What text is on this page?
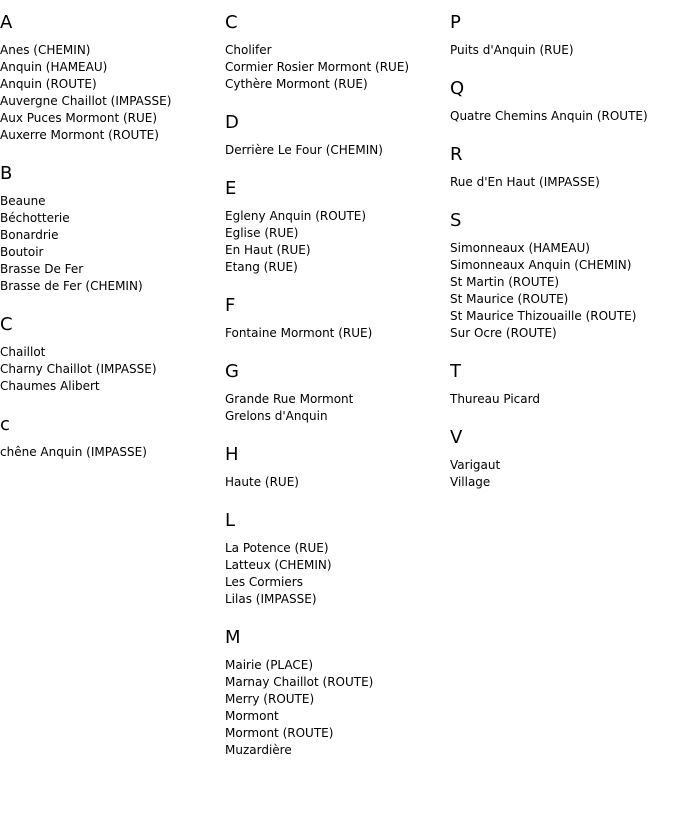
A
Anes (CHEMIN)
Anquin (HAMEAU)
Anquin (ROUTE)
Auvergne Chaillot (IMPASSE)
Aux Puces Mormont (RUE)
Auxerre Mormont (ROUTE)
B
Beaune
Béchotterie
Bonardrie
Boutoir
Brasse De Fer
Brasse de Fer (CHEMIN)
C
Chaillot
Charny Chaillot (IMPASSE)
Chaumes Alibert
c
chêne Anquin (IMPASSE)
C
Cholifer
Cormier Rosier Mormont (RUE)
Cythère Mormont (RUE)
D
Derrière Le Four (CHEMIN)
E
Egleny Anquin (ROUTE)
Eglise (RUE)
En Haut (RUE)
Etang (RUE)
F
Fontaine Mormont (RUE)
G
Grande Rue Mormont
Grelons d'Anquin
H
Haute (RUE)
L
La Potence (RUE)
Latteux (CHEMIN)
Les Cormiers
Lilas (IMPASSE)
M
Mairie (PLACE)
Marnay Chaillot (ROUTE)
Merry (ROUTE)
Mormont
Mormont (ROUTE)
Muzardière
P
Puits d'Anquin (RUE)
Q
Quatre Chemins Anquin (ROUTE)
R
Rue d'En Haut (IMPASSE)
S
Simonneaux (HAMEAU)
Simonneaux Anquin (CHEMIN)
St Martin (ROUTE)
St Maurice (ROUTE)
St Maurice Thizouaille (ROUTE)
Sur Ocre (ROUTE)
T
Thureau Picard
V
Varigaut
Village
